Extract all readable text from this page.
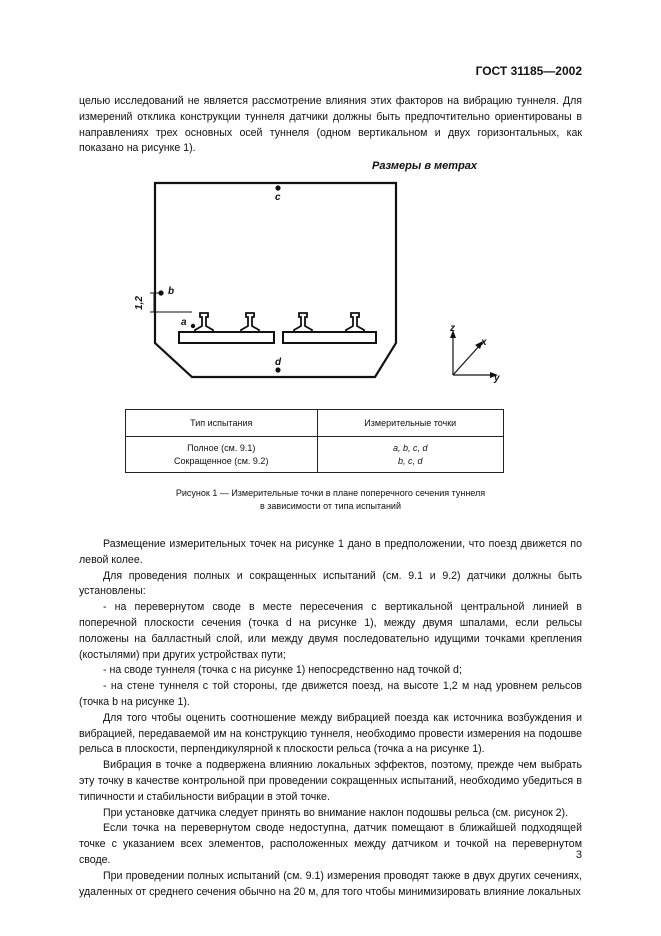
ГОСТ 31185—2002

целью исследований не является рассмотрение влияния этих факторов на вибрацию туннеля. Для измерений отклика конструкции туннеля датчики должны быть предпочтительно ориентированы в направлениях трех основных осей туннеля (одном вертикальном и двух горизонтальных, как показано на рисунке 1).

Размеры в метрах
c
b
a
d
1,2
z
x
y
Тип испытания	Измерительные точки
Полное (см. 9.1)	a, b, c, d
Сокращенное (см. 9.2)	b, c, d
Рисунок 1 — Измерительные точки в плане поперечного сечения туннеля
в зависимости от типа испытаний

Размещение измерительных точек на рисунке 1 дано в предположении, что поезд движется по левой колее.

Для проведения полных и сокращенных испытаний (см. 9.1 и 9.2) датчики должны быть установлены:

- на перевернутом своде в месте пересечения с вертикальной центральной линией в поперечной плоскости сечения (точка d на рисунке 1), между двумя шпалами, если рельсы положены на балластный слой, или между двумя последовательно идущими точками крепления (костылями) при других устройствах пути;

- на своде туннеля (точка с на рисунке 1) непосредственно над точкой d;

- на стене туннеля с той стороны, где движется поезд, на высоте 1,2 м над уровнем рельсов (точка b на рисунке 1).

Для того чтобы оценить соотношение между вибрацией поезда как источника возбуждения и вибрацией, передаваемой им на конструкцию туннеля, необходимо провести измерения на подошве рельса в плоскости, перпендикулярной к плоскости рельса (точка а на рисунке 1).

Вибрация в точке а подвержена влиянию локальных эффектов, поэтому, прежде чем выбрать эту точку в качестве контрольной при проведении сокращенных испытаний, необходимо убедиться в типичности и стабильности вибрации в этой точке.

При установке датчика следует принять во внимание наклон подошвы рельса (см. рисунок 2).

Если точка на перевернутом своде недоступна, датчик помещают в ближайшей подходящей точке с указанием всех элементов, расположенных между датчиком и точкой на перевернутом своде.

При проведении полных испытаний (см. 9.1) измерения проводят также в двух других сечениях, удаленных от среднего сечения обычно на 20 м, для того чтобы минимизировать влияние локальных

3
